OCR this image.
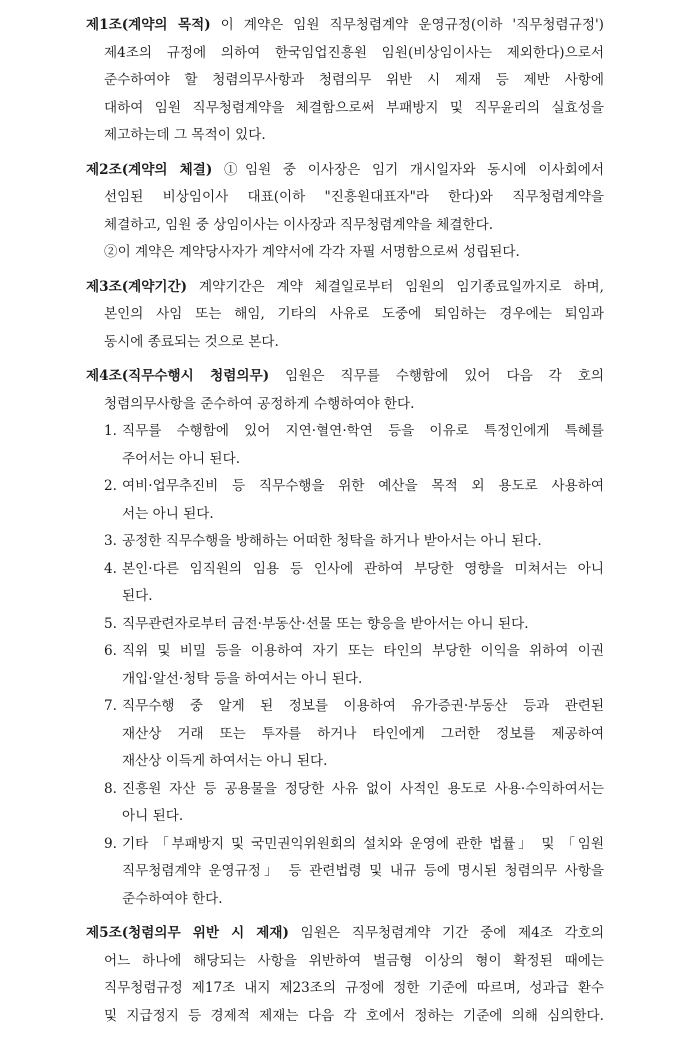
제1조(계약의 목적) 이 계약은 임원 직무청렴계약 운영규정(이하 '직무청렴규정')
제4조의 규정에 의하여 한국임업진흥원 임원(비상임이사는 제외한다)으로서
준수하여야 할 청렴의무사항과 청렴의무 위반 시 제재 등 제반 사항에
대하여 임원 직무청렴계약을 체결함으로써 부패방지 및 직무윤리의 실효성을
제고하는데 그 목적이 있다.
제2조(계약의 체결) ①임원 중 이사장은 임기 개시일자와 동시에 이사회에서
선임된 비상임이사 대표(이하 "진흥원대표자"라 한다)와 직무청렴계약을
체결하고, 임원 중 상임이사는 이사장과 직무청렴계약을 체결한다.
②이 계약은 계약당사자가 계약서에 각각 자필 서명함으로써 성립된다.
제3조(계약기간) 계약기간은 계약 체결일로부터 임원의 임기종료일까지로 하며,
본인의 사임 또는 해임, 기타의 사유로 도중에 퇴임하는 경우에는 퇴임과
동시에 종료되는 것으로 본다.
제4조(직무수행시 청렴의무) 임원은 직무를 수행함에 있어 다음 각 호의
청렴의무사항을 준수하여 공정하게 수행하여야 한다.
1. 직무를 수행함에 있어 지연·혈연·학연 등을 이유로 특정인에게 특혜를
주어서는 아니 된다.
2. 여비·업무추진비 등 직무수행을 위한 예산을 목적 외 용도로 사용하여
서는 아니 된다.
3. 공정한 직무수행을 방해하는 어떠한 청탁을 하거나 받아서는 아니 된다.
4. 본인·다른 임직원의 임용 등 인사에 관하여 부당한 영향을 미쳐서는 아니
된다.
5. 직무관련자로부터 금전·부동산·선물 또는 향응을 받아서는 아니 된다.
6. 직위 및 비밀 등을 이용하여 자기 또는 타인의 부당한 이익을 위하여 이권
개입·알선·청탁 등을 하여서는 아니 된다.
7. 직무수행 중 알게 된 정보를 이용하여 유가증권·부동산 등과 관련된
재산상 거래 또는 투자를 하거나 타인에게 그러한 정보를 제공하여
재산상 이득게 하여서는 아니 된다.
8. 진흥원 자산 등 공용물을 정당한 사유 없이 사적인 용도로 사용·수익하여서는
아니 된다.
9. 기타 「부패방지 및 국민권익위원회의 설치와 운영에 관한 법률」 및 「임원
직무청렴계약 운영규정」 등 관련법령 및 내규 등에 명시된 청렴의무 사항을
준수하여야 한다.
제5조(청렴의무 위반 시 제재) 임원은 직무청렴계약 기간 중에 제4조 각호의
어느 하나에 해당되는 사항을 위반하여 벌금형 이상의 형이 확정된 때에는
직무청렴규정 제17조 내지 제23조의 규정에 정한 기준에 따르며, 성과급 환수
및 지급정지 등 경제적 제재는 다음 각 호에서 정하는 기준에 의해 심의한다.
